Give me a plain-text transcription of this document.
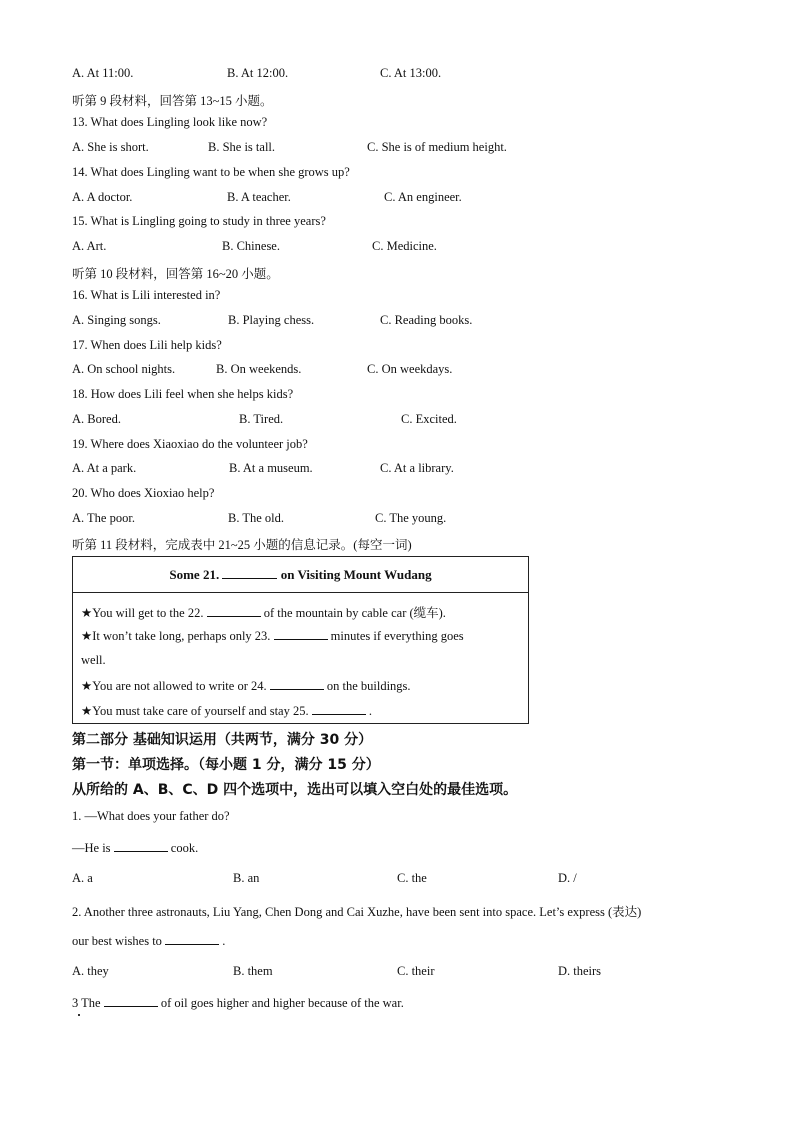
A. At 11:00.	B. At 12:00.	C. At 13:00.
听第 9 段材料，回答第 13~15 小题。
13. What does Lingling look like now?
A. She is short.	B. She is tall.	C. She is of medium height.
14. What does Lingling want to be when she grows up?
A. A doctor.	B. A teacher.	C. An engineer.
15. What is Lingling going to study in three years?
A. Art.	B. Chinese.	C. Medicine.
听第 10 段材料，回答第 16~20 小题。
16. What is Lili interested in?
A. Singing songs.	B. Playing chess.	C. Reading books.
17. When does Lili help kids?
A. On school nights.	B. On weekends.	C. On weekdays.
18. How does Lili feel when she helps kids?
A. Bored.	B. Tired.	C. Excited.
19. Where does Xiaoxiao do the volunteer job?
A. At a park.	B. At a museum.	C. At a library.
20. Who does Xioxiao help?
A. The poor.	B. The old.	C. The young.
听第 11 段材料，完成表中 21~25 小题的信息记录。(每空一词)
Some 21.	on Visiting Mount Wudang
★You will get to the 22.	of the mountain by cable car (缆车).
★It won’t take long, perhaps only 23.	minutes if everything goes
well.
★You are not allowed to write or 24.	on the buildings.
★You must take care of yourself and stay 25.	.
第二部分 基础知识运用（共两节，满分 30 分）
第一节：单项选择。（每小题 1 分，满分 15 分）
从所给的 A、B、C、D 四个选项中，选出可以填入空白处的最佳选项。
1. —What does your father do?
—He is	cook.
A. a	B. an	C. the	D. /
2. Another three astronauts, Liu Yang, Chen Dong and Cai Xuzhe, have been sent into space. Let’s express (表达)
our best wishes to	.
A. they	B. them	C. their	D. theirs
3 The	of oil goes higher and higher because of the war.
